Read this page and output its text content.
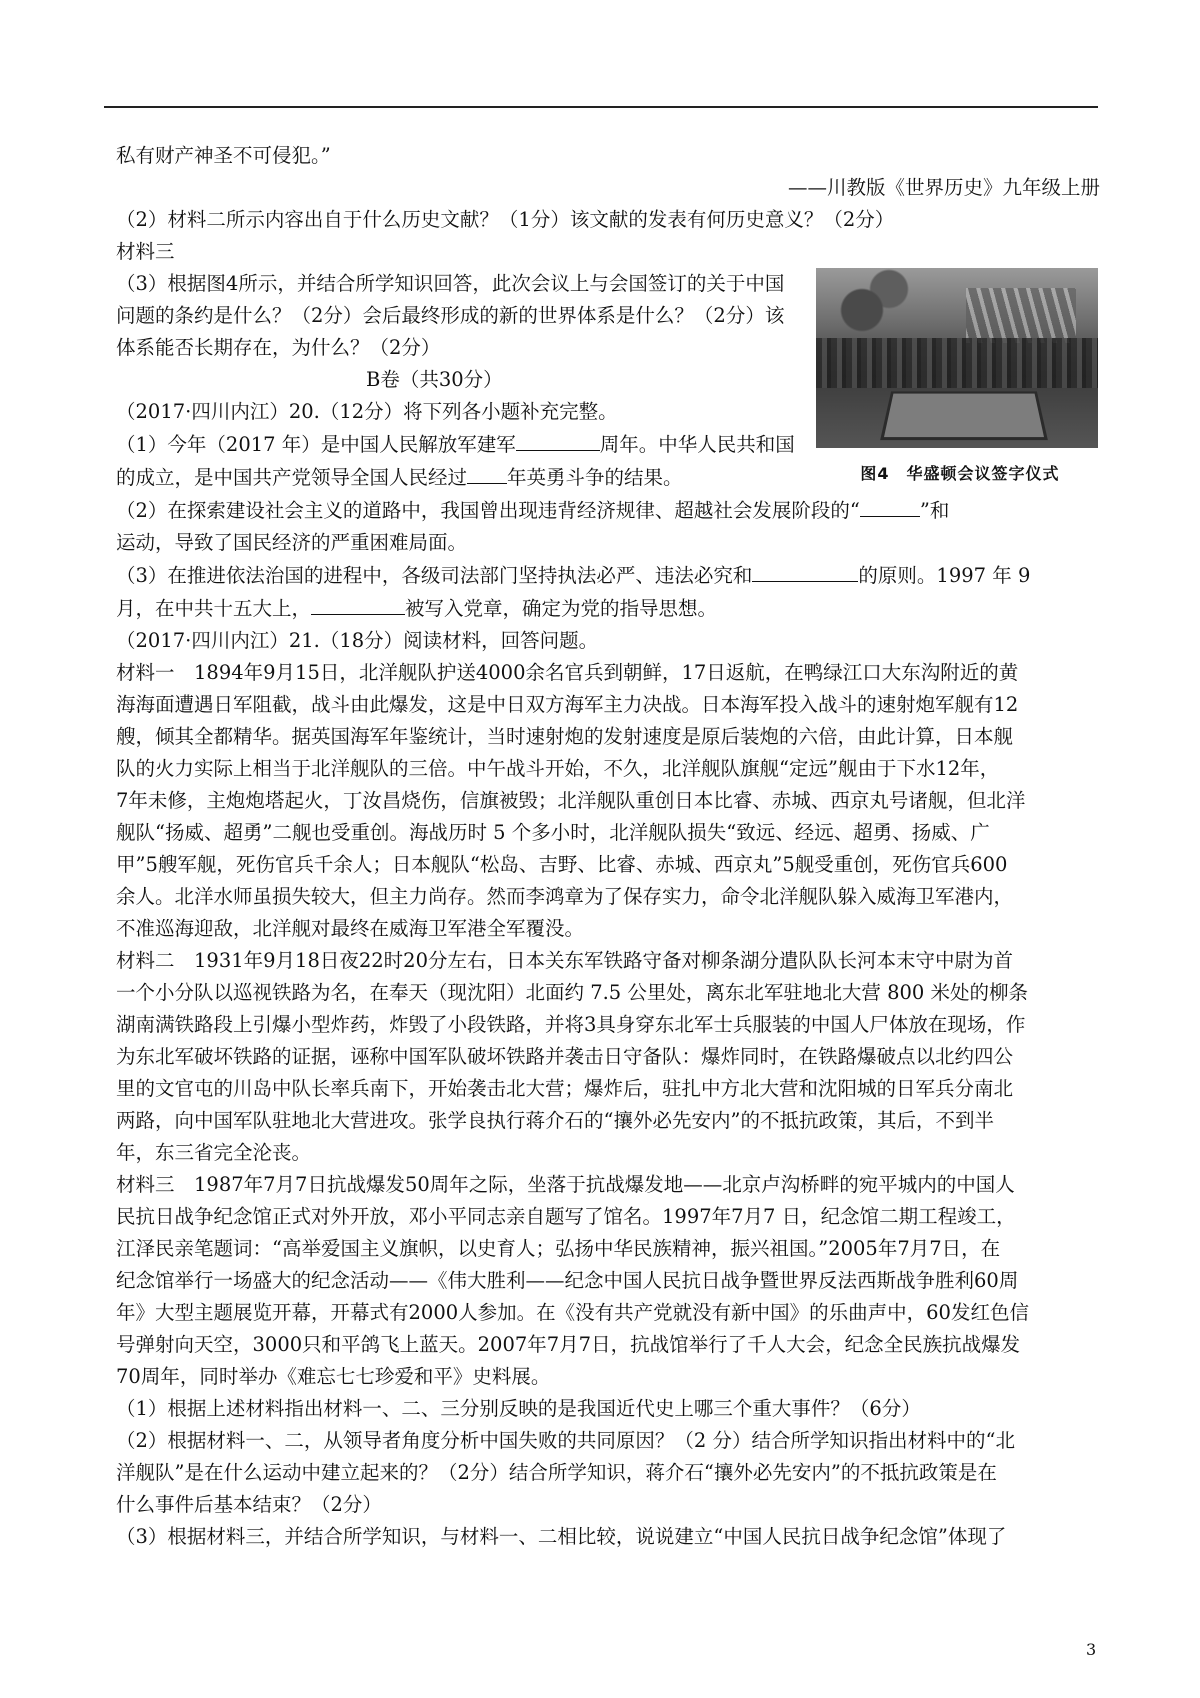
私有财产神圣不可侵犯。”

——川教版《世界历史》九年级上册

（2）材料二所示内容出自于什么历史文献？（1分）该文献的发表有何历史意义？（2分）

材料三

图4　华盛顿会议签字仪式

（3）根据图4所示，并结合所学知识回答，此次会议上与会国签订的关于中国

问题的条约是什么？（2分）会后最终形成的新的世界体系是什么？（2分）该

体系能否长期存在，为什么？（2分）

B卷（共30分）

（2017·四川内江）20.（12分）将下列各小题补充完整。

（1）今年（2017 年）是中国人民解放军建军	周年。中华人民共和国

的成立，是中国共产党领导全国人民经过 年英勇斗争的结果。

（2）在探索建设社会主义的道路中，我国曾出现违背经济规律、超越社会发展阶段的“	”和

运动，导致了国民经济的严重困难局面。

（3）在推进依法治国的进程中，各级司法部门坚持执法必严、违法必究和	的原则。1997 年 9

月，在中共十五大上，	被写入党章，确定为党的指导思想。

（2017·四川内江）21.（18分）阅读材料，回答问题。

材料一　1894年9月15日，北洋舰队护送4000余名官兵到朝鲜，17日返航，在鸭绿江口大东沟附近的黄

海海面遭遇日军阻截，战斗由此爆发，这是中日双方海军主力决战。日本海军投入战斗的速射炮军舰有12

艘，倾其全都精华。据英国海军年鉴统计，当时速射炮的发射速度是原后装炮的六倍，由此计算，日本舰

队的火力实际上相当于北洋舰队的三倍。中午战斗开始，不久，北洋舰队旗舰“定远”舰由于下水12年，

7年未修，主炮炮塔起火，丁汝昌烧伤，信旗被毁；北洋舰队重创日本比睿、赤城、西京丸号诸舰，但北洋

舰队“扬威、超勇”二舰也受重创。海战历时 5 个多小时，北洋舰队损失“致远、经远、超勇、扬威、广

甲”5艘军舰，死伤官兵千余人；日本舰队“松岛、吉野、比睿、赤城、西京丸”5舰受重创，死伤官兵600

余人。北洋水师虽损失较大，但主力尚存。然而李鸿章为了保存实力，命令北洋舰队躲入威海卫军港内，

不准巡海迎敌，北洋舰对最终在威海卫军港全军覆没。

材料二　1931年9月18日夜22时20分左右，日本关东军铁路守备对柳条湖分遣队队长河本末守中尉为首

一个小分队以巡视铁路为名，在奉天（现沈阳）北面约 7.5 公里处，离东北军驻地北大营 800 米处的柳条

湖南满铁路段上引爆小型炸药，炸毁了小段铁路，并将3具身穿东北军士兵服装的中国人尸体放在现场，作

为东北军破坏铁路的证据，诬称中国军队破坏铁路并袭击日守备队：爆炸同时，在铁路爆破点以北约四公

里的文官屯的川岛中队长率兵南下，开始袭击北大营；爆炸后，驻扎中方北大营和沈阳城的日军兵分南北

两路，向中国军队驻地北大营进攻。张学良执行蒋介石的“攘外必先安内”的不抵抗政策，其后，不到半

年，东三省完全沦丧。

材料三　1987年7月7日抗战爆发50周年之际，坐落于抗战爆发地——北京卢沟桥畔的宛平城内的中国人

民抗日战争纪念馆正式对外开放，邓小平同志亲自题写了馆名。1997年7月7 日，纪念馆二期工程竣工，

江泽民亲笔题词：“高举爱国主义旗帜，以史育人；弘扬中华民族精神，振兴祖国。”2005年7月7日，在

纪念馆举行一场盛大的纪念活动——《伟大胜利——纪念中国人民抗日战争暨世界反法西斯战争胜利60周

年》大型主题展览开幕，开幕式有2000人参加。在《没有共产党就没有新中国》的乐曲声中，60发红色信

号弹射向天空，3000只和平鸽飞上蓝天。2007年7月7日，抗战馆举行了千人大会，纪念全民族抗战爆发

70周年，同时举办《难忘七七珍爱和平》史料展。

（1）根据上述材料指出材料一、二、三分别反映的是我国近代史上哪三个重大事件？（6分）

（2）根据材料一、二，从领导者角度分析中国失败的共同原因？（2 分）结合所学知识指出材料中的“北

洋舰队”是在什么运动中建立起来的？（2分）结合所学知识，蒋介石“攘外必先安内”的不抵抗政策是在

什么事件后基本结束？（2分）

（3）根据材料三，并结合所学知识，与材料一、二相比较，说说建立“中国人民抗日战争纪念馆”体现了

3
